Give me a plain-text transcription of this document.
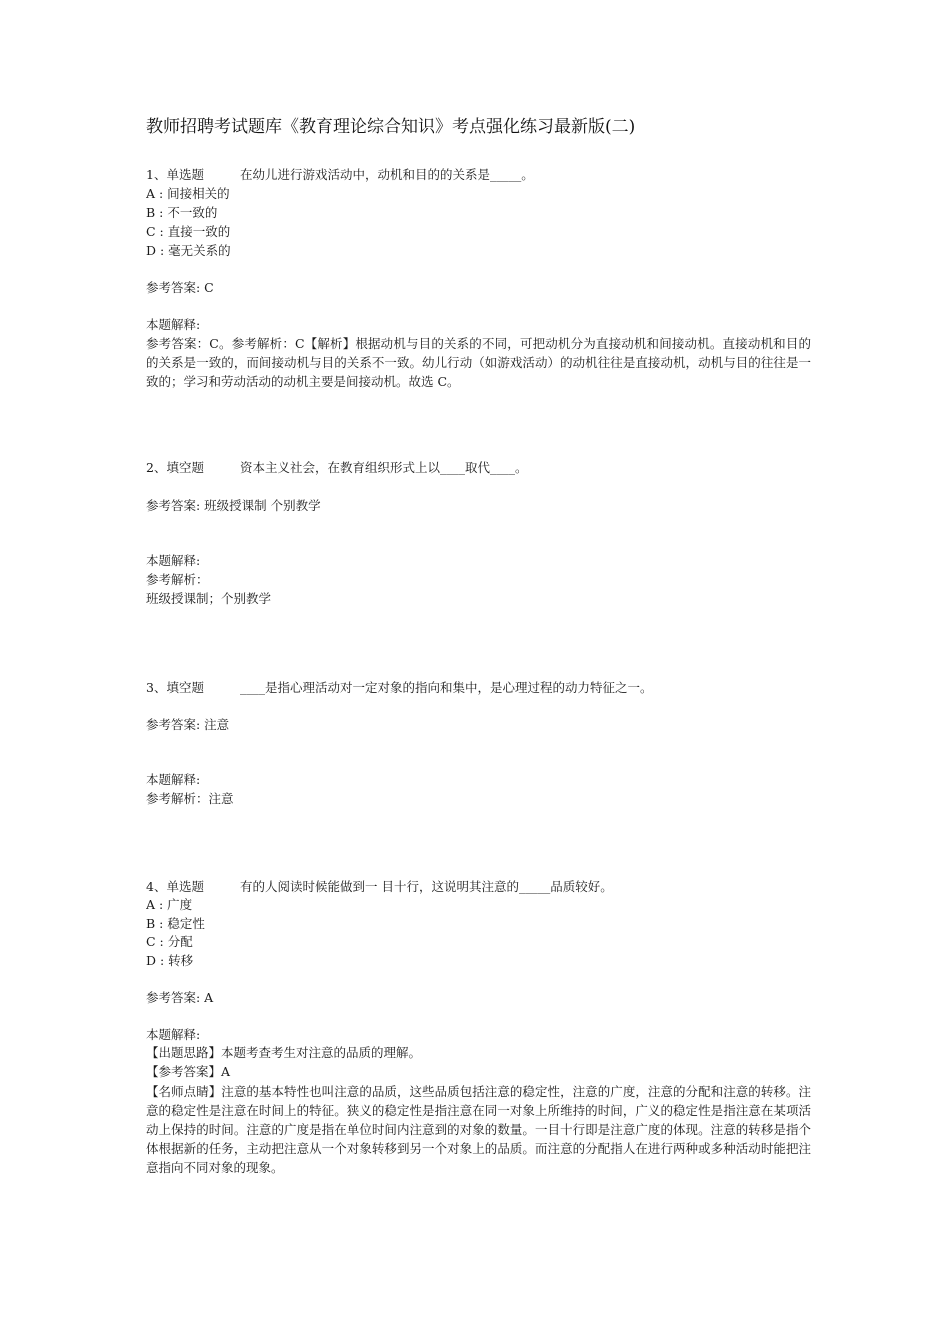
教师招聘考试题库《教育理论综合知识》考点强化练习最新版(二)
1、单选题	在幼儿进行游戏活动中，动机和目的的关系是_____。
A : 间接相关的
B : 不一致的
C : 直接一致的
D : 毫无关系的
参考答案: C
本题解释:
参考答案：C。参考解析：C【解析】根据动机与目的关系的不同，可把动机分为直接动机和间接动机。直接动机和目的的关系是一致的，而间接动机与目的关系不一致。幼儿行动（如游戏活动）的动机往往是直接动机，动机与目的往往是一致的；学习和劳动活动的动机主要是间接动机。故选 C。
2、填空题	资本主义社会，在教育组织形式上以____取代____。
参考答案: 班级授课制 个别教学
本题解释:
参考解析：
班级授课制；个别教学
3、填空题	____是指心理活动对一定对象的指向和集中，是心理过程的动力特征之一。
参考答案: 注意
本题解释:
参考解析：注意
4、单选题	有的人阅读时候能做到一 目十行，这说明其注意的_____品质较好。
A : 广度
B : 稳定性
C : 分配
D : 转移
参考答案: A
本题解释:
【出题思路】本题考查考生对注意的品质的理解。
【参考答案】A
【名师点睛】注意的基本特性也叫注意的品质，这些品质包括注意的稳定性，注意的广度，注意的分配和注意的转移。注意的稳定性是注意在时间上的特征。狭义的稳定性是指注意在同一对象上所维持的时间，广义的稳定性是指注意在某项活动上保持的时间。注意的广度是指在单位时间内注意到的对象的数量。一目十行即是注意广度的体现。注意的转移是指个体根据新的任务，主动把注意从一个对象转移到另一个对象上的品质。而注意的分配指人在进行两种或多种活动时能把注意指向不同对象的现象。
